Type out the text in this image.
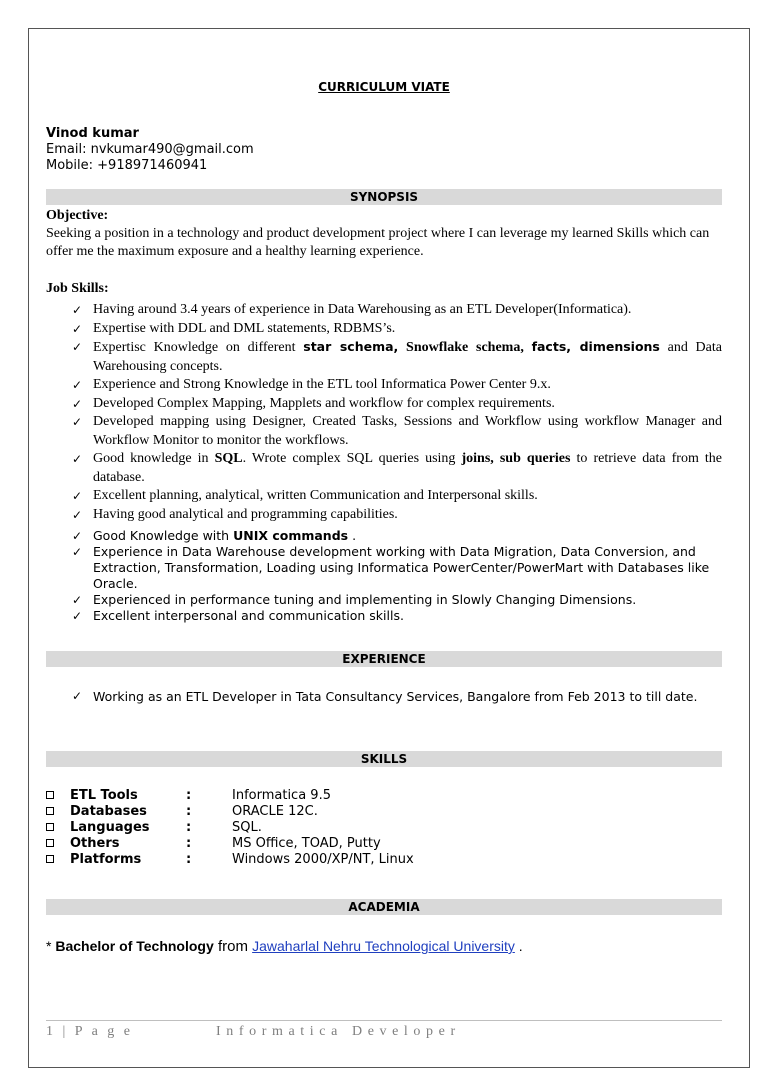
CURRICULUM VIATE
Vinod kumar
Email: nvkumar490@gmail.com
Mobile: +918971460941
SYNOPSIS
Objective:
Seeking a position in a technology and product development project where I can leverage my learned Skills which can offer me the maximum exposure and a healthy learning experience.
Job Skills:
✓ Having around 3.4 years of experience in Data Warehousing as an ETL Developer(Informatica).
✓ Expertise with DDL and DML statements, RDBMS’s.
✓ Expertisc Knowledge on different star schema, Snowflake schema, facts, dimensions and Data Warehousing concepts.
✓ Experience and Strong Knowledge in the ETL tool Informatica Power Center 9.x.
✓ Developed Complex Mapping, Mapplets and workflow for complex requirements.
✓ Developed mapping using Designer, Created Tasks, Sessions and Workflow using workflow Manager and Workflow Monitor to monitor the workflows.
✓ Good knowledge in SQL. Wrote complex SQL queries using joins, sub queries to retrieve data from the database.
✓ Excellent planning, analytical, written Communication and Interpersonal skills.
✓ Having good analytical and programming capabilities.
✓ Good Knowledge with UNIX commands .
✓ Experience in Data Warehouse development working with Data Migration, Data Conversion, and Extraction, Transformation, Loading using Informatica PowerCenter/PowerMart with Databases like Oracle.
✓ Experienced in performance tuning and implementing in Slowly Changing Dimensions.
✓ Excellent interpersonal and communication skills.
EXPERIENCE
✓ Working as an ETL Developer in Tata Consultancy Services, Bangalore from Feb 2013 to till date.
SKILLS
ETL Tools	:	Informatica 9.5
Databases	:	ORACLE 12C.
Languages	:	SQL.
Others	:	MS Office, TOAD, Putty
Platforms	:	Windows 2000/XP/NT, Linux
ACADEMIA
* Bachelor of Technology from Jawaharlal Nehru Technological University .
1 | P a g e	Informatica Developer
